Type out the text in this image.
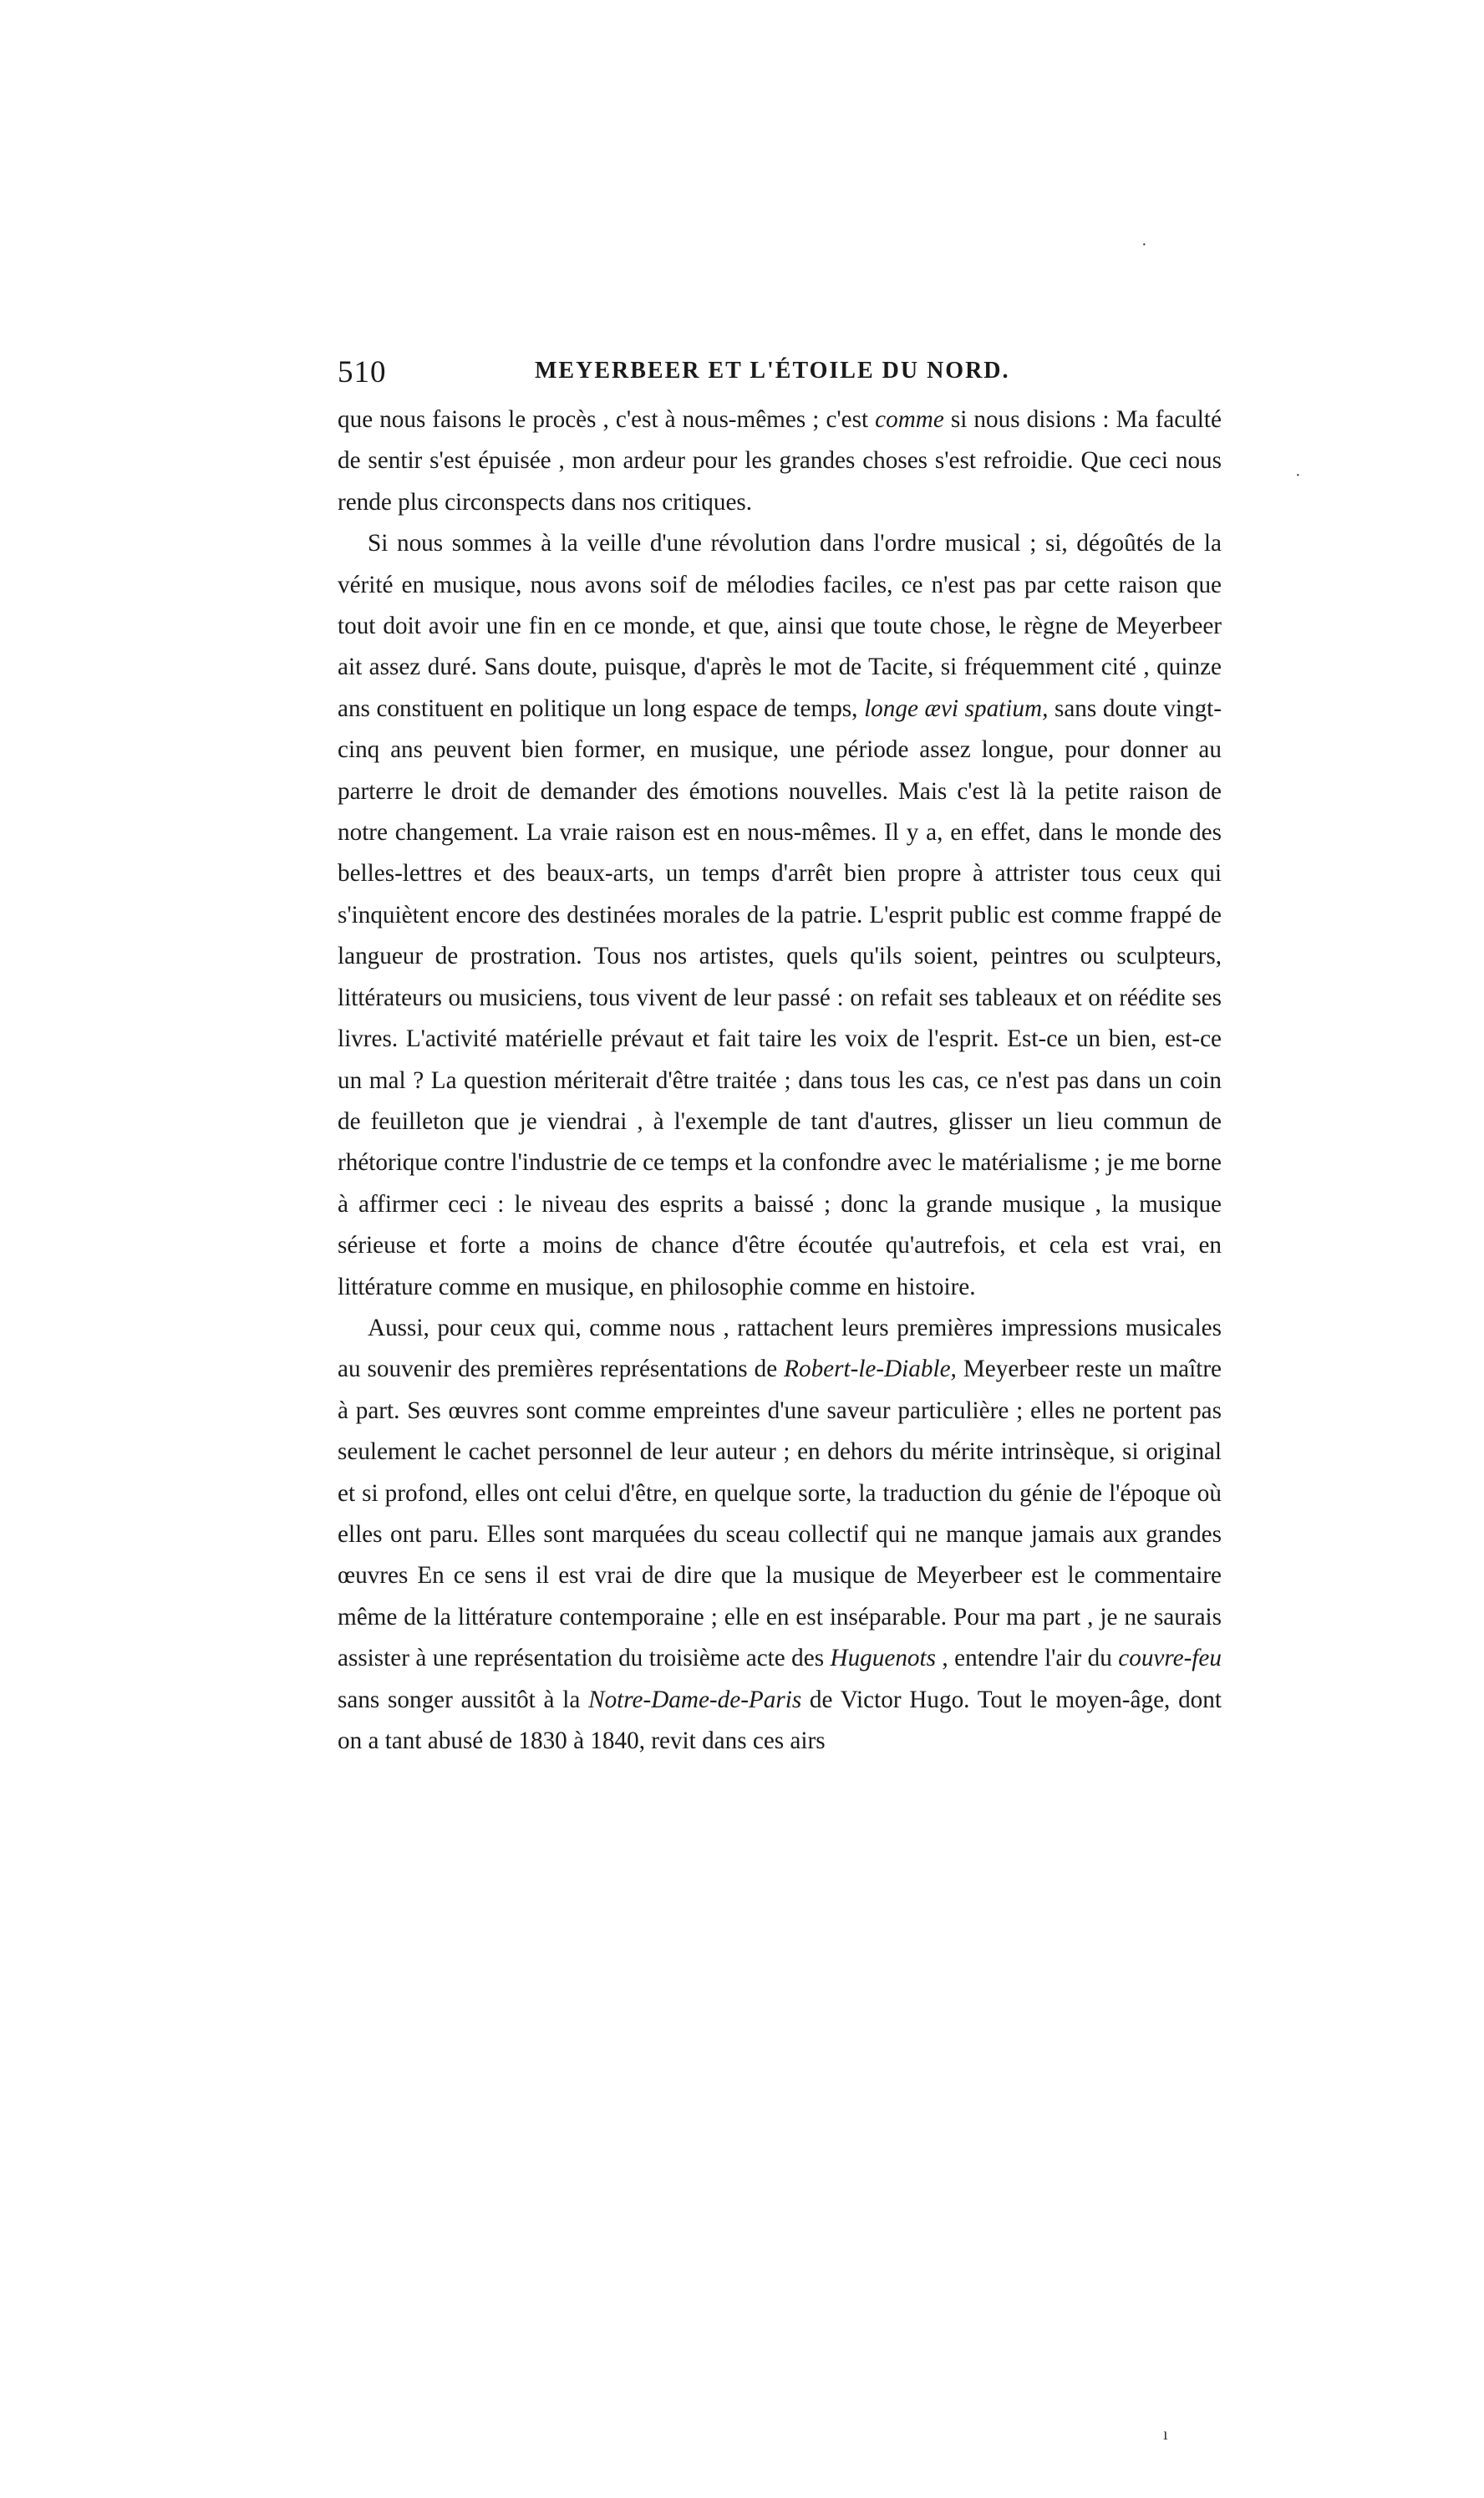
510	MEYERBEER ET L'ÉTOILE DU NORD.

que nous faisons le procès , c'est à nous-mêmes ; c'est comme si nous disions : Ma faculté de sentir s'est épuisée , mon ardeur pour les grandes choses s'est refroidie. Que ceci nous rende plus circonspects dans nos critiques.

Si nous sommes à la veille d'une révolution dans l'ordre musical ; si, dégoûtés de la vérité en musique, nous avons soif de mélodies faciles, ce n'est pas par cette raison que tout doit avoir une fin en ce monde, et que, ainsi que toute chose, le règne de Meyerbeer ait assez duré. Sans doute, puisque, d'après le mot de Tacite, si fréquemment cité , quinze ans constituent en politique un long espace de temps, longe ævi spatium, sans doute vingt-cinq ans peuvent bien former, en musique, une période assez longue, pour donner au parterre le droit de demander des émotions nouvelles. Mais c'est là la petite raison de notre changement. La vraie raison est en nous-mêmes. Il y a, en effet, dans le monde des belles-lettres et des beaux-arts, un temps d'arrêt bien propre à attrister tous ceux qui s'inquiètent encore des destinées morales de la patrie. L'esprit public est comme frappé de langueur de prostration. Tous nos artistes, quels qu'ils soient, peintres ou sculpteurs, littérateurs ou musiciens, tous vivent de leur passé : on refait ses tableaux et on réédite ses livres. L'activité matérielle prévaut et fait taire les voix de l'esprit. Est-ce un bien, est-ce un mal ? La question mériterait d'être traitée ; dans tous les cas, ce n'est pas dans un coin de feuilleton que je viendrai , à l'exemple de tant d'autres, glisser un lieu commun de rhétorique contre l'industrie de ce temps et la confondre avec le matérialisme ; je me borne à affirmer ceci : le niveau des esprits a baissé ; donc la grande musique , la musique sérieuse et forte a moins de chance d'être écoutée qu'autrefois, et cela est vrai, en littérature comme en musique, en philosophie comme en histoire.

Aussi, pour ceux qui, comme nous , rattachent leurs premières impressions musicales au souvenir des premières représentations de Robert-le-Diable, Meyerbeer reste un maître à part. Ses œuvres sont comme empreintes d'une saveur particulière ; elles ne portent pas seulement le cachet personnel de leur auteur ; en dehors du mérite intrinsèque, si original et si profond, elles ont celui d'être, en quelque sorte, la traduction du génie de l'époque où elles ont paru. Elles sont marquées du sceau collectif qui ne manque jamais aux grandes œuvres En ce sens il est vrai de dire que la musique de Meyerbeer est le commentaire même de la littérature contemporaine ; elle en est inséparable. Pour ma part , je ne saurais assister à une représentation du troisième acte des Huguenots , entendre l'air du couvre-feu sans songer aussitôt à la Notre-Dame-de-Paris de Victor Hugo. Tout le moyen-âge, dont on a tant abusé de 1830 à 1840, revit dans ces airs

·
·
ı
